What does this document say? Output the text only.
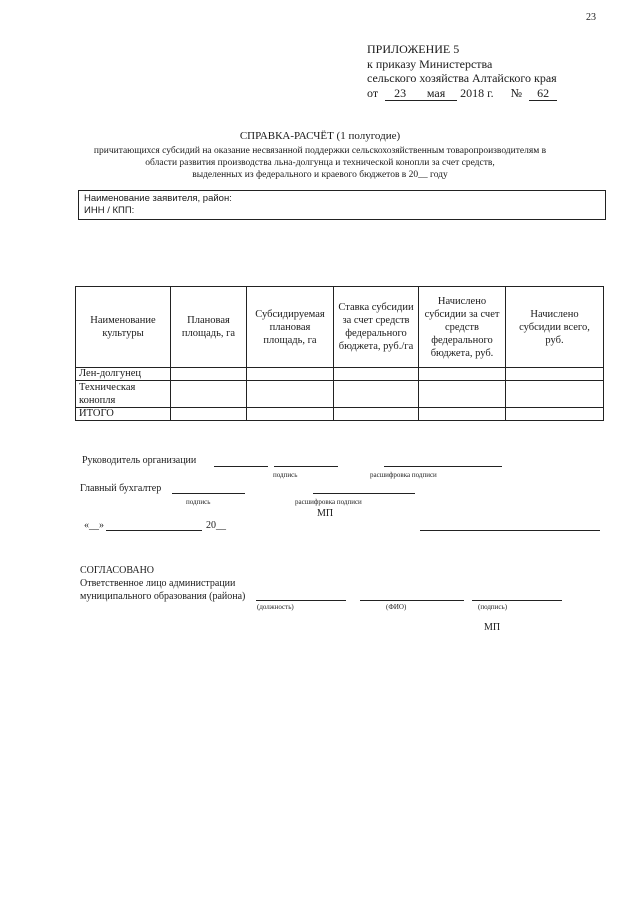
23
ПРИЛОЖЕНИЕ 5
к приказу Министерства
сельского хозяйства Алтайского края
от 23 мая 2018 г. № 62
СПРАВКА-РАСЧЁТ (1 полугодие)
причитающихся субсидий на оказание несвязанной поддержки сельскохозяйственным товаропроизводителям в
области развития производства льна-долгунца и технической конопли за счет средств,
выделенных из федерального и краевого бюджетов в 20__ году
Наименование заявителя, район:
ИНН / КПП:
Наименование культуры	Плановая площадь, га	Субсидируемая плановая площадь, га	Ставка субсидии за счет средств федерального бюджета, руб./га	Начислено субсидии за счет средств федерального бюджета, руб.	Начислено субсидии всего, руб.
Лен-долгунец					
Техническая конопля					
ИТОГО					
Руководитель организации
подпись	расшифровка подписи
Главный бухгалтер
подпись	расшифровка подписи
МП
«__»	20__
СОГЛАСОВАНО
Ответственное лицо администрации
муниципального образования (района)
(должность)	(ФИО)	(подпись)
МП
